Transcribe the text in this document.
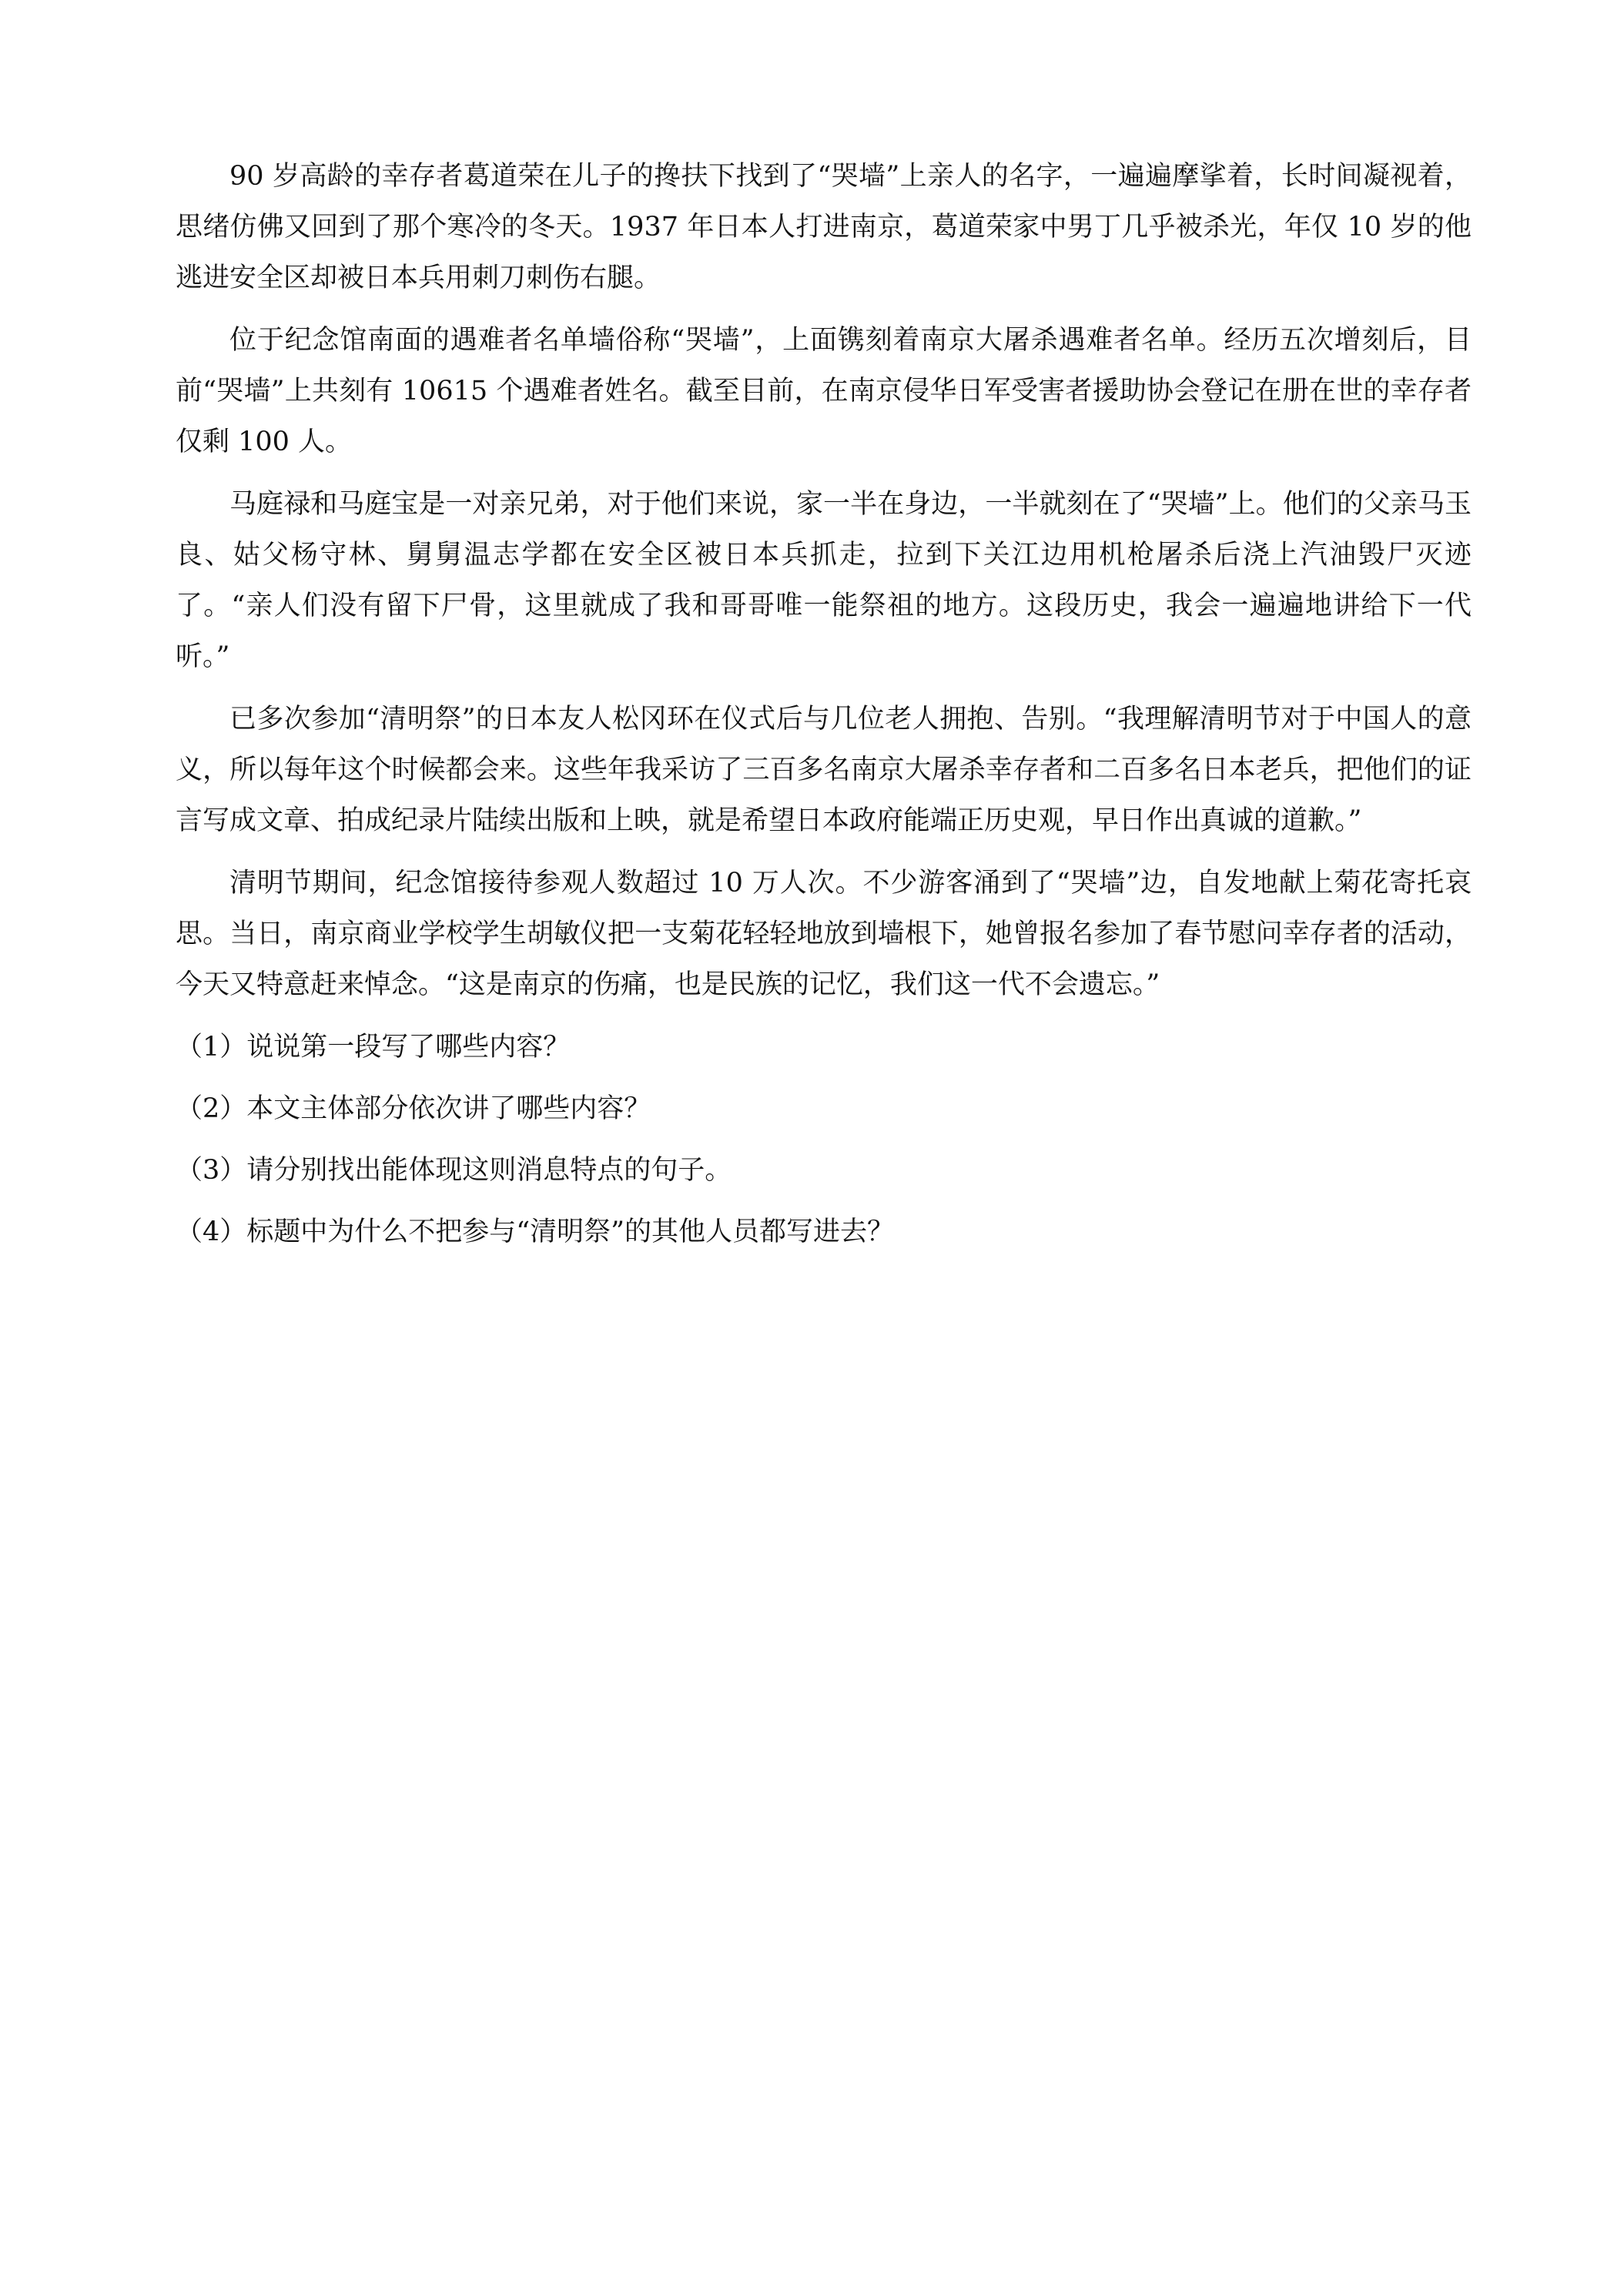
90 岁高龄的幸存者葛道荣在儿子的搀扶下找到了“哭墙”上亲人的名字，一遍遍摩挲着，长时间凝视着，思绪仿佛又回到了那个寒冷的冬天。1937 年日本人打进南京，葛道荣家中男丁几乎被杀光，年仅 10 岁的他逃进安全区却被日本兵用刺刀刺伤右腿。

位于纪念馆南面的遇难者名单墙俗称“哭墙”，上面镌刻着南京大屠杀遇难者名单。经历五次增刻后，目前“哭墙”上共刻有 10615 个遇难者姓名。截至目前，在南京侵华日军受害者援助协会登记在册在世的幸存者仅剩 100 人。

马庭禄和马庭宝是一对亲兄弟，对于他们来说，家一半在身边，一半就刻在了“哭墙”上。他们的父亲马玉良、姑父杨守林、舅舅温志学都在安全区被日本兵抓走，拉到下关江边用机枪屠杀后浇上汽油毁尸灭迹了。“亲人们没有留下尸骨，这里就成了我和哥哥唯一能祭祖的地方。这段历史，我会一遍遍地讲给下一代听。”

已多次参加“清明祭”的日本友人松冈环在仪式后与几位老人拥抱、告别。“我理解清明节对于中国人的意义，所以每年这个时候都会来。这些年我采访了三百多名南京大屠杀幸存者和二百多名日本老兵，把他们的证言写成文章、拍成纪录片陆续出版和上映，就是希望日本政府能端正历史观，早日作出真诚的道歉。”

清明节期间，纪念馆接待参观人数超过 10 万人次。不少游客涌到了“哭墙”边，自发地献上菊花寄托哀思。当日，南京商业学校学生胡敏仪把一支菊花轻轻地放到墙根下，她曾报名参加了春节慰问幸存者的活动，今天又特意赶来悼念。“这是南京的伤痛，也是民族的记忆，我们这一代不会遗忘。”

（1）说说第一段写了哪些内容？
（2）本文主体部分依次讲了哪些内容？
（3）请分别找出能体现这则消息特点的句子。
（4）标题中为什么不把参与“清明祭”的其他人员都写进去？
